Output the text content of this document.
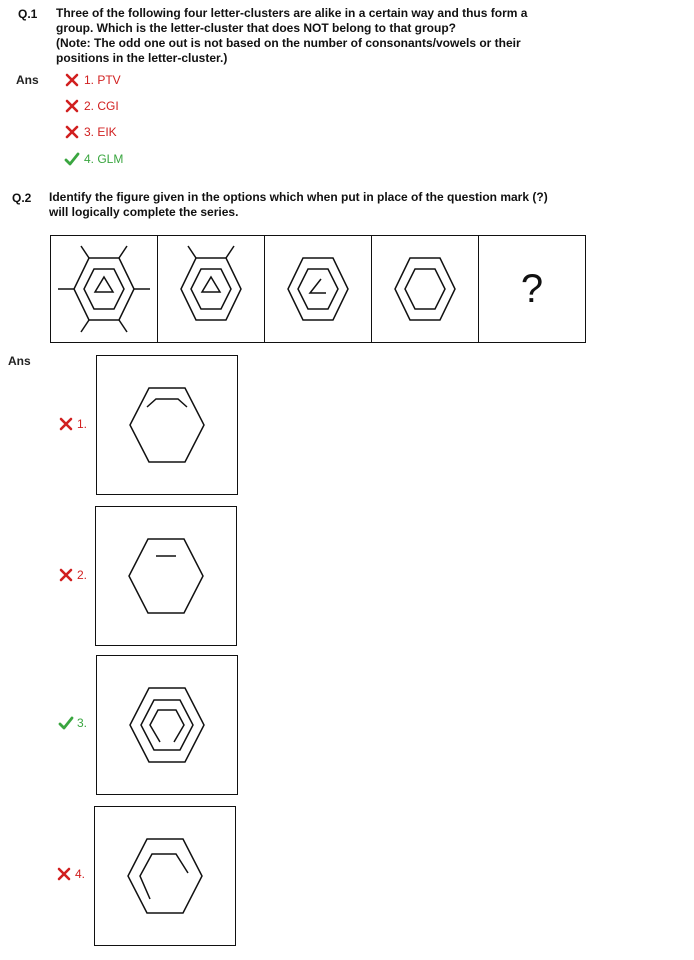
Q.1 Three of the following four letter-clusters are alike in a certain way and thus form a
group. Which is the letter-cluster that does NOT belong to that group?
(Note: The odd one out is not based on the number of consonants/vowels or their
positions in the letter-cluster.)
Ans	1. PTV
2. CGI
3. EIK
4. GLM
Q.2 Identify the figure given in the options which when put in place of the question mark (?)
will logically complete the series.
?
Ans
1.
2.
3.
4.
